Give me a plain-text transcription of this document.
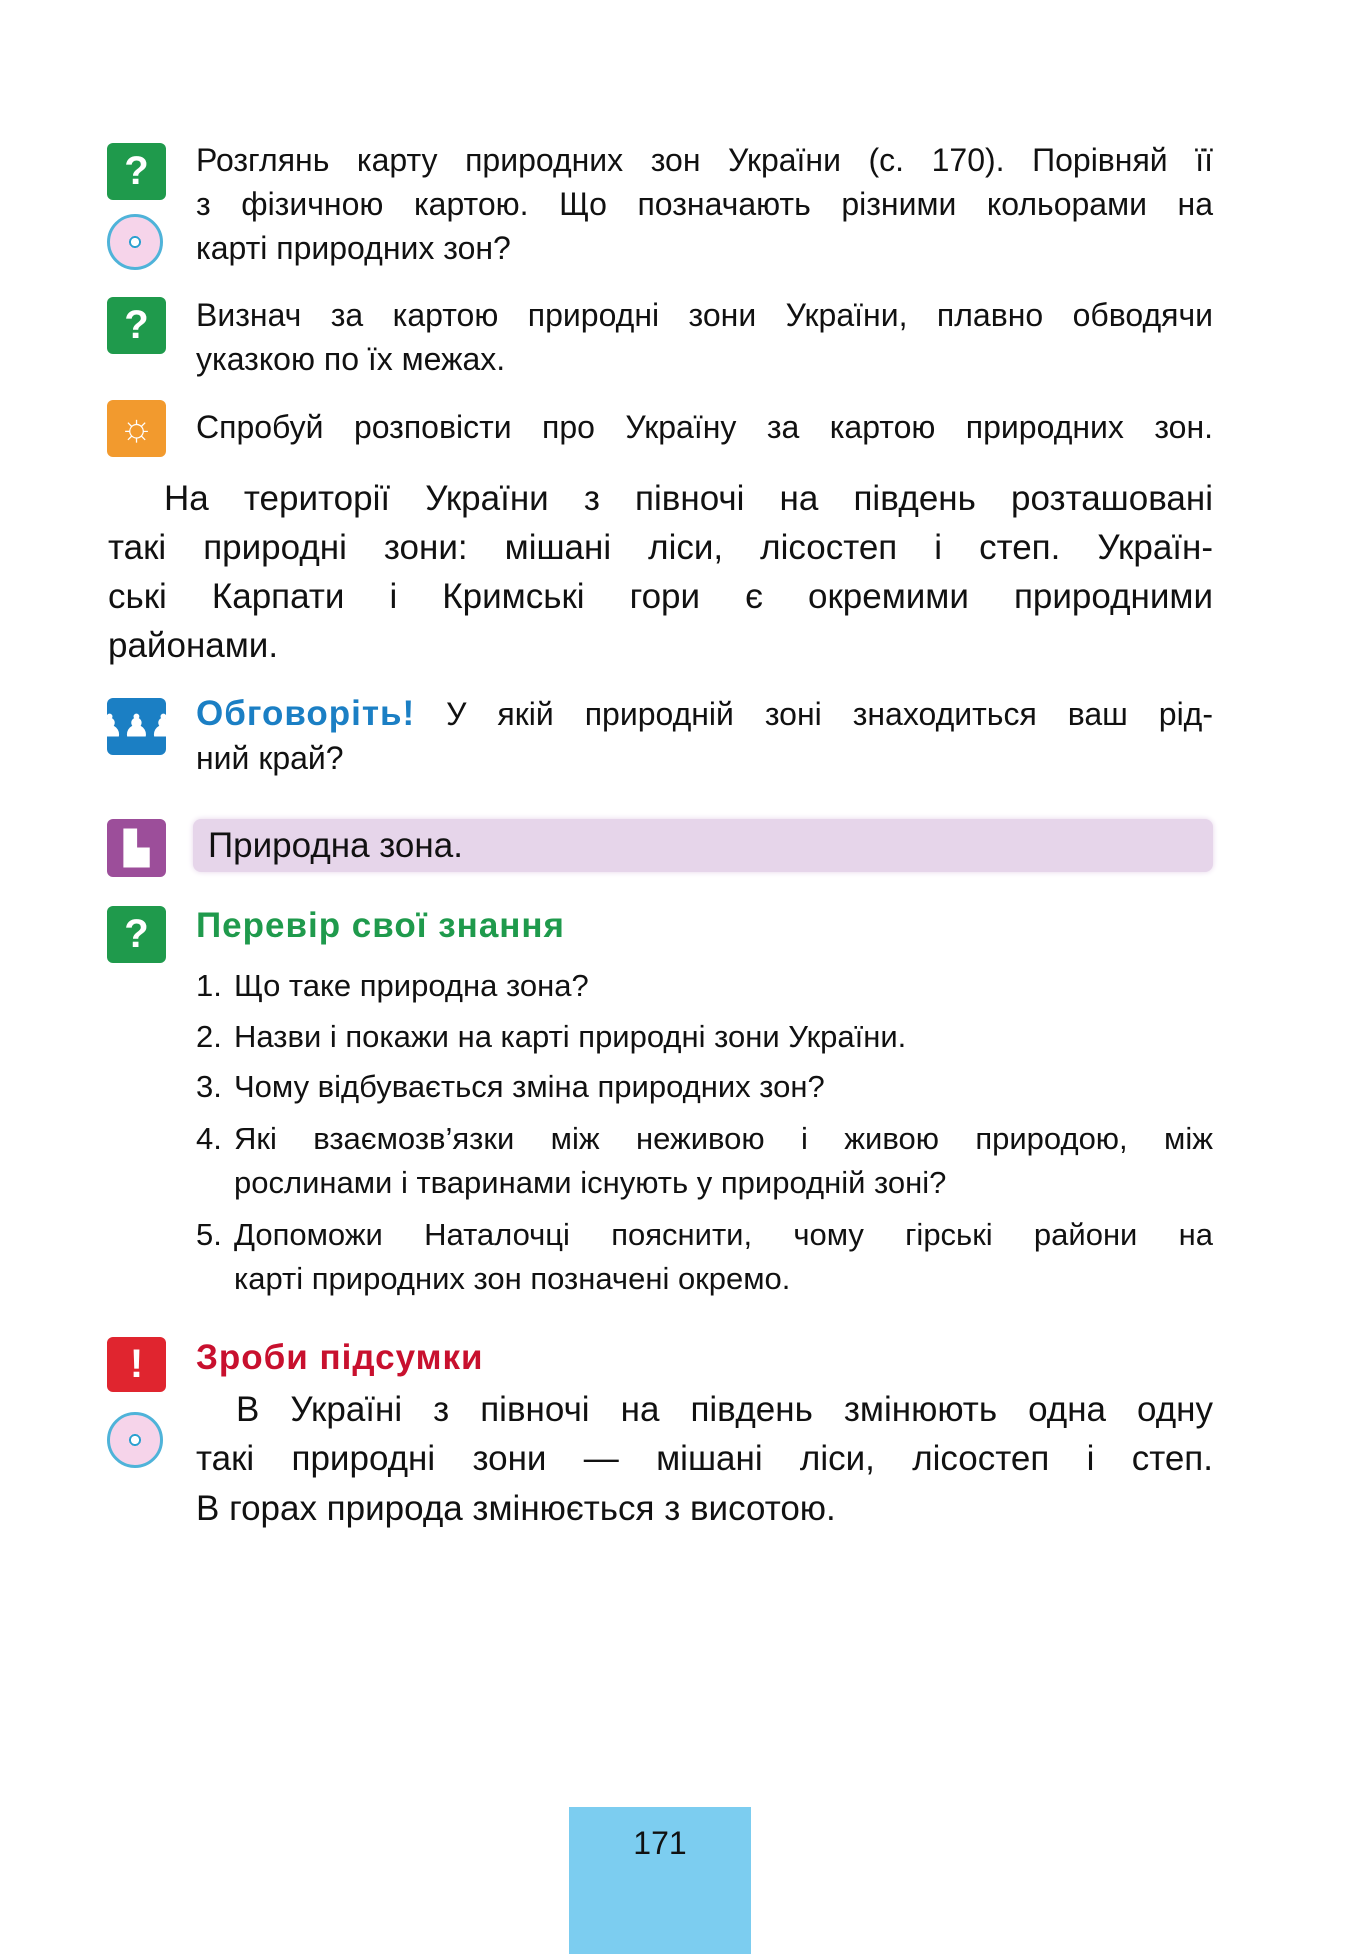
?	Розглянь карту природних зон України (с. 170). Порівняй її
з фізичною картою. Що позначають різними кольорами на
карті природних зон?
?	Визнач за картою природні зони України, плавно обводячи
указкою по їх межах.
☼	Спробуй розповісти про Україну за картою природних зон.
На території України з півночі на південь розташовані
такі природні зони: мішані ліси, лісостеп і степ. Україн-
ські Карпати і Кримські гори є окремими природними
районами.
♟♟♟ Обговоріть! У якій природній зоні знаходиться ваш рід-
ний край?
▙	Природна зона.
?	Перевір свої знання
1. Що таке природна зона?
2. Назви і покажи на карті природні зони України.
3. Чому відбувається зміна природних зон?
4. Які взаємозв’язки між неживою і живою природою, між
рослинами і тваринами існують у природній зоні?
5. Допоможи Наталочці пояснити, чому гірські райони на
карті природних зон позначені окремо.
!	Зроби підсумки
В Україні з півночі на південь змінюють одна одну
такі природні зони — мішані ліси, лісостеп і степ.
В горах природа змінюється з висотою.
171
